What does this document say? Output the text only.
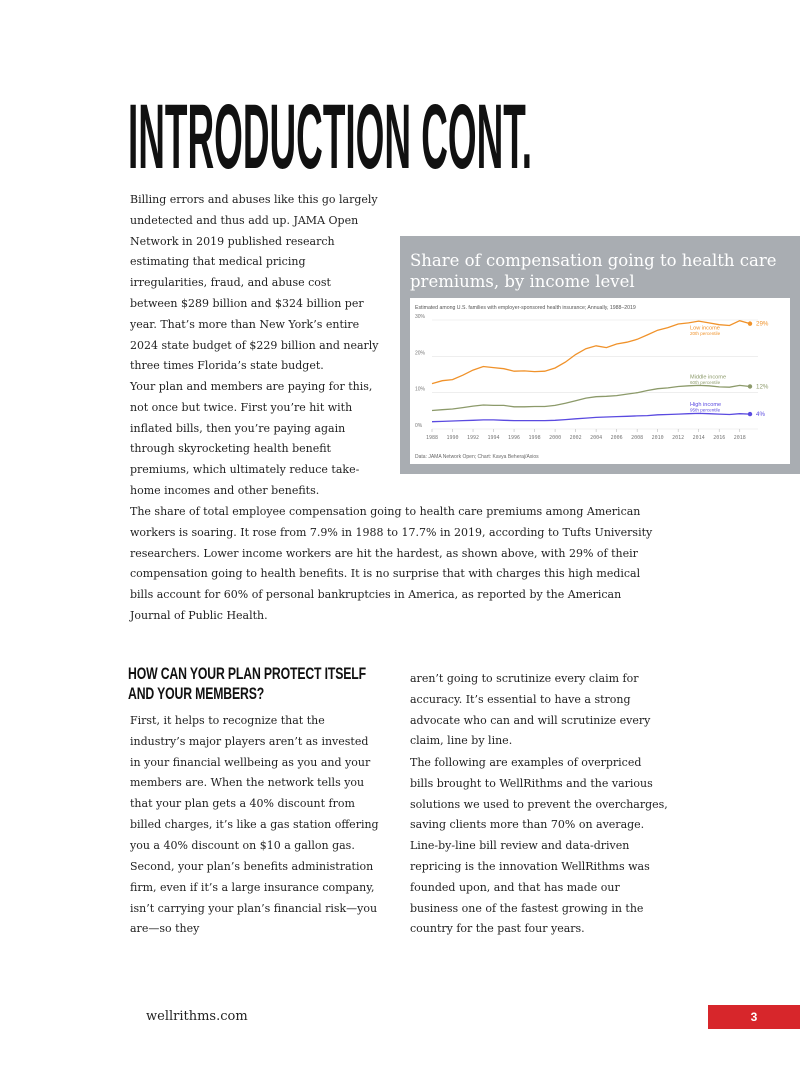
INTRODUCTION CONT.

Billing errors and abuses like this go largely undetected and thus add up. JAMA Open Network in 2019 published research estimating that medical pricing irregularities, fraud, and abuse cost between $289 billion and $324 billion per year. That’s more than New York’s entire 2024 state budget of $229 billion and nearly three times Florida’s state budget.

Your plan and members are paying for this, not once but twice. First you’re hit with inflated bills, then you’re paying again through skyrocketing health benefit premiums, which ultimately reduce take-home incomes and other benefits.

Share of compensation going to health care premiums, by income level

Estimated among U.S. families with employer-sponsored health insurance; Annually, 1988–2019
30%
20%
10%
0%
1988 1990 1992 1994 1996 1998 2000 2002 2004 2006 2008 2010 2012 2014 2016 2018
29%
Low income
20th percentile
12%
Middle income
60th percentile
4%
High income
95th percentile
Data: JAMA Network Open; Chart: Kavya Beheraj/Axios

The share of total employee compensation going to health care premiums among American workers is soaring. It rose from 7.9% in 1988 to 17.7% in 2019, according to Tufts University researchers. Lower income workers are hit the hardest, as shown above, with 29% of their compensation going to health benefits. It is no surprise that with charges this high medical bills account for 60% of personal bankruptcies in America, as reported by the American Journal of Public Health.

HOW CAN YOUR PLAN PROTECT ITSELF AND YOUR MEMBERS?

First, it helps to recognize that the industry’s major players aren’t as invested in your financial wellbeing as you and your members are. When the network tells you that your plan gets a 40% discount from billed charges, it’s like a gas station offering you a 40% discount on $10 a gallon gas.

Second, your plan’s benefits administration firm, even if it’s a large insurance company, isn’t carrying your plan’s financial risk—you are—so they

aren’t going to scrutinize every claim for accuracy. It’s essential to have a strong advocate who can and will scrutinize every claim, line by line.

The following are examples of overpriced bills brought to WellRithms and the various solutions we used to prevent the overcharges, saving clients more than 70% on average. Line-by-line bill review and data-driven repricing is the innovation WellRithms was founded upon, and that has made our business one of the fastest growing in the country for the past four years.

wellrithms.com	3
